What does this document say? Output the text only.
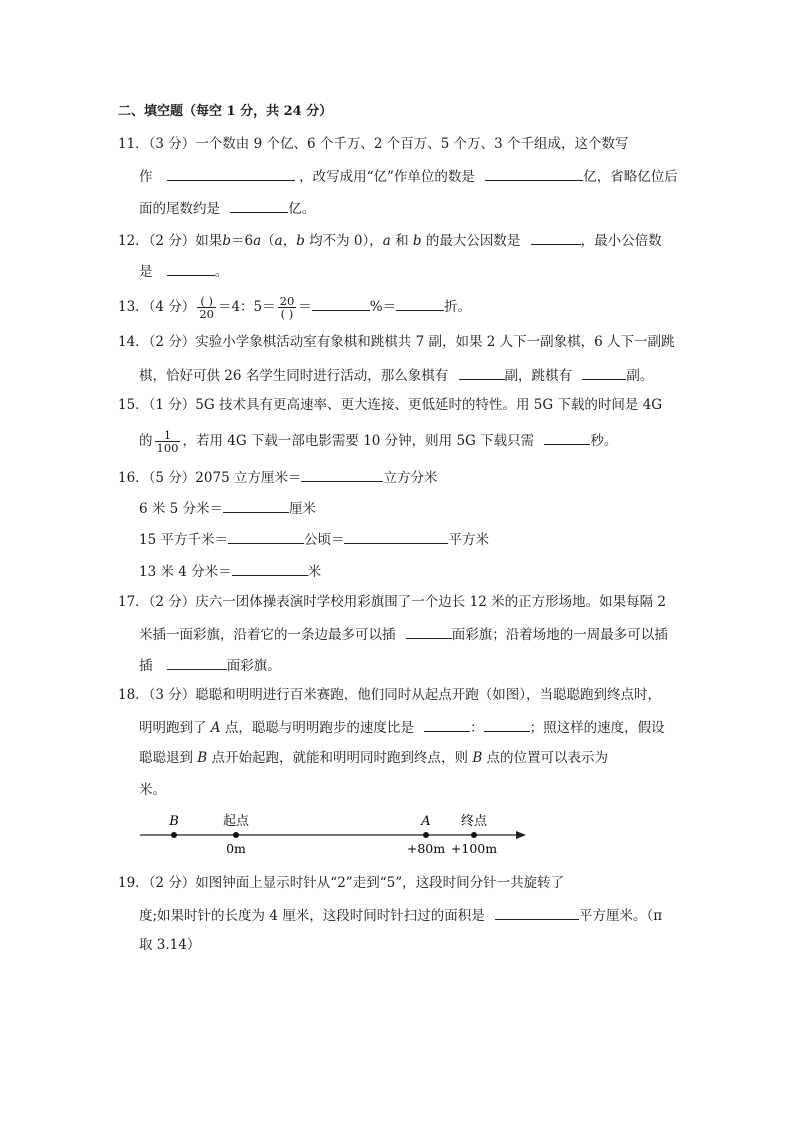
二、填空题（每空 1 分，共 24 分）
11．（3 分）一个数由 9 个亿、6 个千万、2 个百万、5 个万、3 个千组成，这个数写
作	，改写成用“亿”作单位的数是	亿，省略亿位后
面的尾数约是	亿。
12．（2 分）如果b＝6a（a，b 均不为 0），a 和 b 的最大公因数是	，最小公倍数
是	。
13．（4 分） $\frac{( )}{20} =4$：$5= \frac{20}{( )}$ ＝	%＝	折。
14．（2 分）实验小学象棋活动室有象棋和跳棋共 7 副，如果 2 人下一副象棋，6 人下一副跳
棋，恰好可供 26 名学生同时进行活动，那么象棋有	副，跳棋有	副。
15．（1 分）5G 技术具有更高速率、更大连接、更低延时的特性。用 5G 下载的时间是 4G
的 $\frac{1}{100}$ ，若用 4G 下载一部电影需要 10 分钟，则用 5G 下载只需	秒。
16．（5 分）2075 立方厘米＝	立方分米
6 米 5 分米＝	厘米
15 平方千米＝	公顷＝	平方米
13 米 4 分米＝	米
17．（2 分）庆六一团体操表演时学校用彩旗围了一个边长 12 米的正方形场地。如果每隔 2
米插一面彩旗，沿着它的一条边最多可以插	面彩旗；沿着场地的一周最多可以插
插	面彩旗。
18．（3 分）聪聪和明明进行百米赛跑，他们同时从起点开跑（如图），当聪聪跑到终点时，
明明跑到了 A 点，聪聪与明明跑步的速度比是	：	；照这样的速度，假设
聪聪退到 B 点开始起跑，就能和明明同时跑到终点，则 B 点的位置可以表示为
米。
B	起点
0m
A
+80m
终点
+100m
19．（2 分）如图钟面上显示时针从“2”走到“5”，这段时间分针一共旋转了
度;如果时针的长度为 4 厘米，这段时间时针扫过的面积是	平方厘米。（π
取 3.14）
